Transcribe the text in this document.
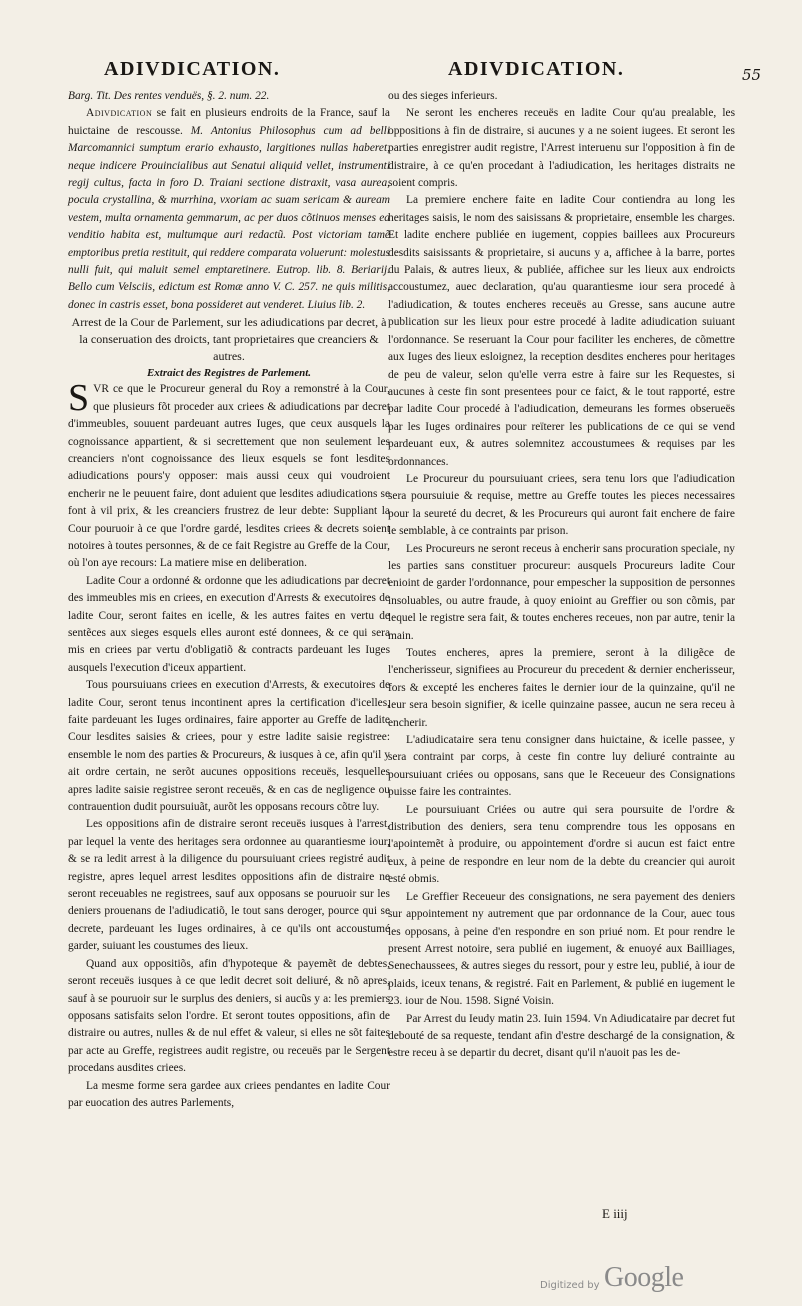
ADIVDICATION.	ADIVDICATION.	55

Barg. Tit. Des rentes venduës, §. 2. num. 22.

Adivdication se fait en plusieurs endroits de la France, sauf la huictaine de rescousse. M. Antonius Philosophus cum ad belli Marcomannici sumptum erario exhausto, largitiones nullas haberet, neque indicere Prouincialibus aut Senatui aliquid vellet, instrumenti regij cultus, facta in foro D. Traiani sectione distraxit, vasa aurea, pocula crystallina, & murrhina, vxoriam ac suam sericam & auream vestem, multa ornamenta gemmarum, ac per duos cõtinuos menses ea venditio habita est, multumque auri redactũ. Post victoriam tamẽ emptoribus pretia restituit, qui reddere comparata voluerunt: molestus nulli fuit, qui maluit semel emptaretinere. Eutrop. lib. 8. Beriarij. Bello cum Velsciis, edictum est Romæ anno V. C. 257. ne quis militis, donec in castris esset, bona possideret aut venderet. Liuius lib. 2.

Arrest de la Cour de Parlement, sur les adiudications par decret, à la conseruation des droicts, tant proprietaires que creanciers & autres.

Extraict des Registres de Parlement.

SVR ce que le Procureur general du Roy a remonstré à la Cour, que plusieurs fõt proceder aux criees & adiudications par decret d'immeubles, souuent pardeuant autres Iuges, que ceux ausquels la cognoissance appartient, & si secrettement que non seulement les creanciers n'ont cognoissance des lieux esquels se font lesdites adiudications pours'y opposer: mais aussi ceux qui voudroient encherir ne le peuuent faire, dont aduient que lesdites adiudications se font à vil prix, & les creanciers frustrez de leur debte: Suppliant la Cour pouruoir à ce que l'ordre gardé, lesdites criees & decrets soient notoires à toutes personnes, & de ce fait Registre au Greffe de la Cour, où l'on aye recours: La matiere mise en deliberation.

Ladite Cour a ordonné & ordonne que les adiudications par decret des immeubles mis en criees, en execution d'Arrests & executoires de ladite Cour, seront faites en icelle, & les autres faites en vertu de sentẽces aux sieges esquels elles auront esté donnees, & ce qui sera mis en criees par vertu d'obligatiõ & contracts pardeuant les Iuges ausquels l'execution d'iceux appartient.

Tous poursuiuans criees en execution d'Arrests, & executoires de ladite Cour, seront tenus incontinent apres la certification d'icelles, faite pardeuant les Iuges ordinaires, faire apporter au Greffe de ladite Cour lesdites saisies & criees, pour y estre ladite saisie registree: ensemble le nom des parties & Procureurs, & iusques à ce, afin qu'il y ait ordre certain, ne serõt aucunes oppositions receuës, lesquelles apres ladite saisie registree seront receuës, & en cas de negligence ou contrauention dudit poursuiuãt, aurõt les opposans recours cõtre luy.

Les oppositions afin de distraire seront receuës iusques à l'arrest, par lequel la vente des heritages sera ordonnee au quarantiesme iour, & se ra ledit arrest à la diligence du poursuiuant criees registré audit registre, apres lequel arrest lesdites oppositions afin de distraire ne seront receuables ne registrees, sauf aux opposans se pouruoir sur les deniers prouenans de l'adiudicatiõ, le tout sans deroger, pource qui se decrete, pardeuant les Iuges ordinaires, à ce qu'ils ont accoustumé garder, suiuant les coustumes des lieux.

Quand aux oppositiõs, afin d'hypoteque & payemẽt de debtes, seront receuës iusques à ce que ledit decret soit deliuré, & nõ apres, sauf à se pouruoir sur le surplus des deniers, si aucũs y a: les premiers opposans satisfaits selon l'ordre. Et seront toutes oppositions, afin de distraire ou autres, nulles & de nul effet & valeur, si elles ne sõt faites par acte au Greffe, registrees audit registre, ou receuës par le Sergent procedans ausdites criees.

La mesme forme sera gardee aux criees pendantes en ladite Cour par euocation des autres Parlements,

ou des sieges inferieurs.

Ne seront les encheres receuës en ladite Cour qu'au prealable, les oppositions à fin de distraire, si aucunes y a ne soient iugees. Et seront les parties enregistrer audit registre, l'Arrest interuenu sur l'opposition à fin de distraire, à ce qu'en procedant à l'adiudication, les heritages distraits ne soient compris.

La premiere enchere faite en ladite Cour contiendra au long les heritages saisis, le nom des saisissans & proprietaire, ensemble les charges. Et ladite enchere publiée en iugement, coppies baillees aux Procureurs desdits saisissants & proprietaire, si aucuns y a, affichee à la barre, portes du Palais, & autres lieux, & publiée, affichee sur les lieux aux endroicts accoustumez, auec declaration, qu'au quarantiesme iour sera procedé à l'adiudication, & toutes encheres receuës au Gresse, sans aucune autre publication sur les lieux pour estre procedé à ladite adiudication suiuant l'ordonnance. Se reseruant la Cour pour faciliter les encheres, de cõmettre aux Iuges des lieux esloignez, la reception desdites encheres pour heritages de peu de valeur, selon qu'elle verra estre à faire sur les Requestes, si aucunes à ceste fin sont presentees pour ce faict, & le tout rapporté, estre par ladite Cour procedé à l'adiudication, demeurans les formes obserueës par les Iuges ordinaires pour reïterer les publications de ce qui se vend pardeuant eux, & autres solemnitez accoustumees & requises par les ordonnances.

Le Procureur du poursuiuant criees, sera tenu lors que l'adiudication sera poursuiuie & requise, mettre au Greffe toutes les pieces necessaires pour la seureté du decret, & les Procureurs qui auront fait enchere de faire le semblable, à ce contraints par prison.

Les Procureurs ne seront receus à encherir sans procuration speciale, ny les parties sans constituer procureur: ausquels Procureurs ladite Cour enioint de garder l'ordonnance, pour empescher la supposition de personnes insoluables, ou autre fraude, à quoy enioint au Greffier ou son cõmis, par lequel le registre sera fait, & toutes encheres receues, non par autre, tenir la main.

Toutes encheres, apres la premiere, seront à la diligẽce de l'encherisseur, signifiees au Procureur du precedent & dernier encherisseur, fors & excepté les encheres faites le dernier iour de la quinzaine, qu'il ne leur sera besoin signifier, & icelle quinzaine passee, aucun ne sera receu à encherir.

L'adiudicataire sera tenu consigner dans huictaine, & icelle passee, y sera contraint par corps, à ceste fin contre luy deliuré contrainte au poursuiuant criées ou opposans, sans que le Receueur des Consignations puisse faire les contraintes.

Le poursuiuant Criées ou autre qui sera poursuite de l'ordre & distribution des deniers, sera tenu comprendre tous les opposans en l'apointemẽt à produire, ou appointement d'ordre si aucun est faict entre eux, à peine de respondre en leur nom de la debte du creancier qui auroit esté obmis.

Le Greffier Receueur des consignations, ne sera payement des deniers sur appointement ny autrement que par ordonnance de la Cour, auec tous les opposans, à peine d'en respondre en son priué nom. Et pour rendre le present Arrest notoire, sera publié en iugement, & enuoyé aux Bailliages, Senechaussees, & autres sieges du ressort, pour y estre leu, publié, à iour de plaids, iceux tenans, & registré. Fait en Parlement, & publié en iugement le 23. iour de Nou. 1598. Signé Voisin.

Par Arrest du Ieudy matin 23. Iuin 1594. Vn Adiudicataire par decret fut debouté de sa requeste, tendant afin d'estre deschargé de la consignation, & estre receu à se departir du decret, disant qu'il n'auoit pas les de-

E iiij
Digitized by Google
